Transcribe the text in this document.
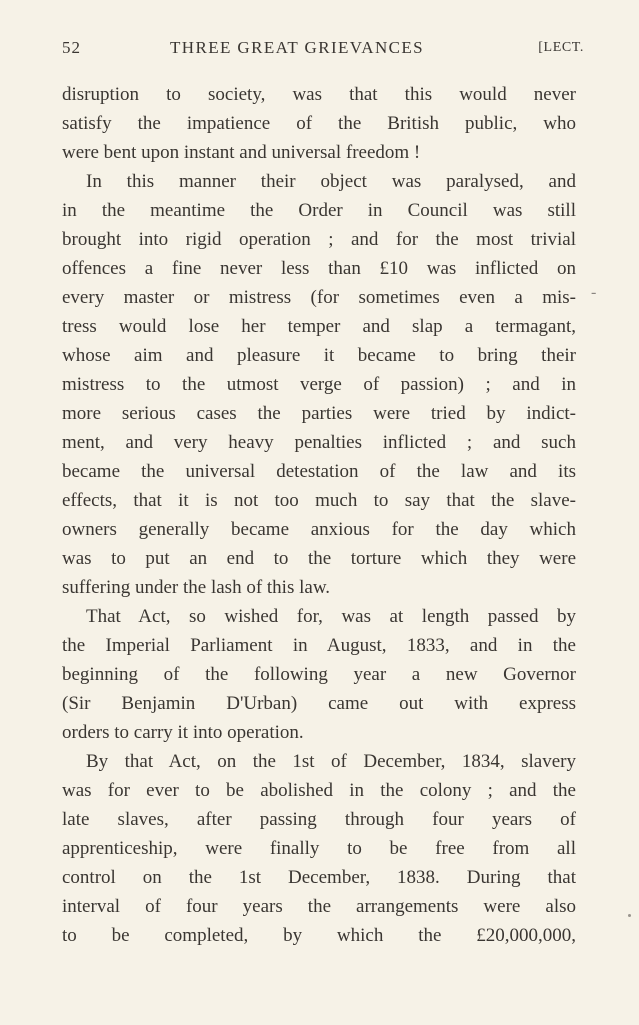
52	THREE GREAT GRIEVANCES	[LECT.
disruption to society, was that this would never
satisfy the impatience of the British public, who
were bent upon instant and universal freedom !
In this manner their object was paralysed, and
in the meantime the Order in Council was still
brought into rigid operation ; and for the most trivial
offences a fine never less than £10 was inflicted on
every master or mistress (for sometimes even a mis-
tress would lose her temper and slap a termagant,
whose aim and pleasure it became to bring their
mistress to the utmost verge of passion) ; and in
more serious cases the parties were tried by indict-
ment, and very heavy penalties inflicted ; and such
became the universal detestation of the law and its
effects, that it is not too much to say that the slave-
owners generally became anxious for the day which
was to put an end to the torture which they were
suffering under the lash of this law.
That Act, so wished for, was at length passed by
the Imperial Parliament in August, 1833, and in the
beginning of the following year a new Governor
(Sir Benjamin D'Urban) came out with express
orders to carry it into operation.
By that Act, on the 1st of December, 1834, slavery
was for ever to be abolished in the colony ; and the
late slaves, after passing through four years of
apprenticeship, were finally to be free from all
control on the 1st December, 1838. During that
interval of four years the arrangements were also
to be completed, by which the £20,000,000,
-
